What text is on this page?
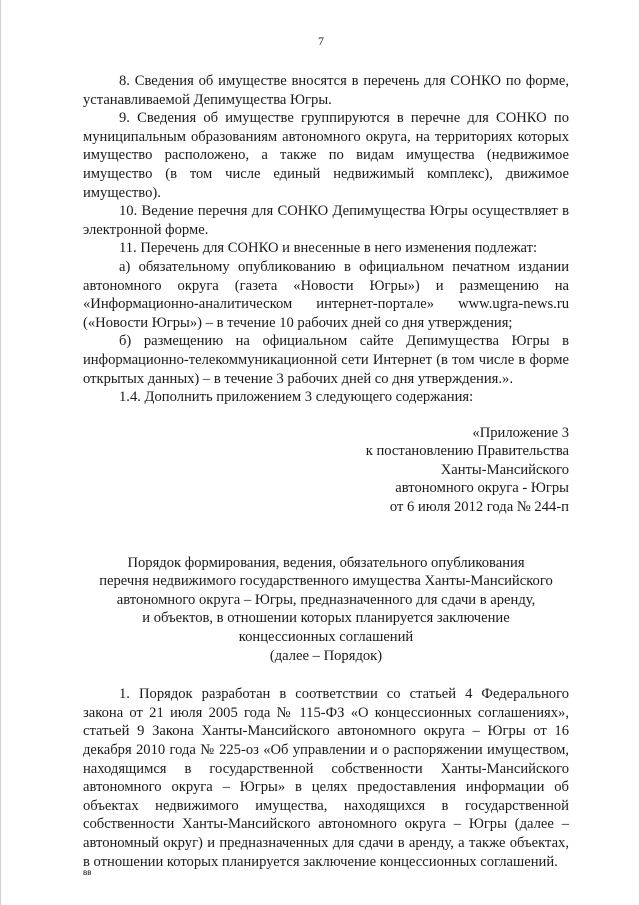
7

8. Сведения об имуществе вносятся в перечень для СОНКО по форме, устанавливаемой Депимущества Югры.

9. Сведения об имуществе группируются в перечне для СОНКО по муниципальным образованиям автономного округа, на территориях которых имущество расположено, а также по видам имущества (недвижимое имущество (в том числе единый недвижимый комплекс), движимое имущество).

10. Ведение перечня для СОНКО Депимущества Югры осуществляет в электронной форме.

11. Перечень для СОНКО и внесенные в него изменения подлежат:

а) обязательному опубликованию в официальном печатном издании автономного округа (газета «Новости Югры») и размещению на «Информационно-аналитическом интернет-портале» www.ugra-news.ru («Новости Югры») – в течение 10 рабочих дней со дня утверждения;

б) размещению на официальном сайте Депимущества Югры в информационно-телекоммуникационной сети Интернет (в том числе в форме открытых данных) – в течение 3 рабочих дней со дня утверждения.».

1.4. Дополнить приложением 3 следующего содержания:

«Приложение 3
к постановлению Правительства
Ханты-Мансийского
автономного округа - Югры
от 6 июля 2012 года № 244-п
Порядок формирования, ведения, обязательного опубликования
перечня недвижимого государственного имущества Ханты-Мансийского
автономного округа – Югры, предназначенного для сдачи в аренду,
и объектов, в отношении которых планируется заключение
концессионных соглашений
(далее – Порядок)

1. Порядок разработан в соответствии со статьей 4 Федерального закона от 21 июля 2005 года № 115-ФЗ «О концессионных соглашениях», статьей 9 Закона Ханты-Мансийского автономного округа – Югры от 16 декабря 2010 года № 225-оз «Об управлении и о распоряжении имуществом, находящимся в государственной собственности Ханты-Мансийского автономного округа – Югры» в целях предоставления информации об объектах недвижимого имущества, находящихся в государственной собственности Ханты-Мансийского автономного округа – Югры (далее – автономный округ) и предназначенных для сдачи в аренду, а также объектах, в отношении которых планируется заключение концессионных соглашений.

вв
